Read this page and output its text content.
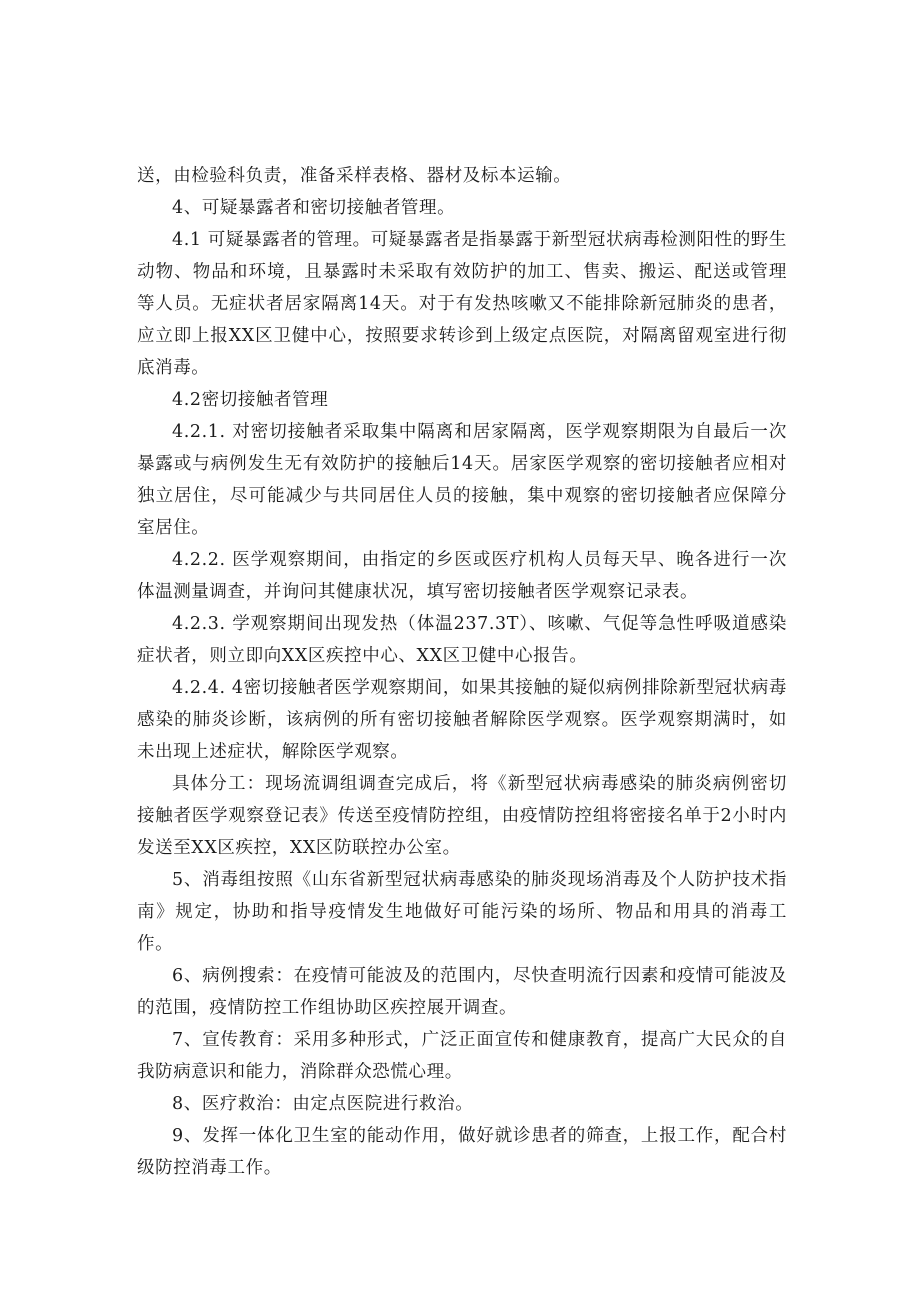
送，由检验科负责，准备采样表格、器材及标本运输。

4、可疑暴露者和密切接触者管理。

4.1 可疑暴露者的管理。可疑暴露者是指暴露于新型冠状病毒检测阳性的野生动物、物品和环境，且暴露时未采取有效防护的加工、售卖、搬运、配送或管理等人员。无症状者居家隔离14天。对于有发热咳嗽又不能排除新冠肺炎的患者，应立即上报XX区卫健中心，按照要求转诊到上级定点医院，对隔离留观室进行彻底消毒。

4.2密切接触者管理

4.2.1. 对密切接触者采取集中隔离和居家隔离，医学观察期限为自最后一次暴露或与病例发生无有效防护的接触后14天。居家医学观察的密切接触者应相对独立居住，尽可能减少与共同居住人员的接触，集中观察的密切接触者应保障分室居住。

4.2.2. 医学观察期间，由指定的乡医或医疗机构人员每天早、晚各进行一次体温测量调查，并询问其健康状况，填写密切接触者医学观察记录表。

4.2.3. 学观察期间出现发热（体温237.3T）、咳嗽、气促等急性呼吸道感染症状者，则立即向XX区疾控中心、XX区卫健中心报告。

4.2.4. 4密切接触者医学观察期间，如果其接触的疑似病例排除新型冠状病毒感染的肺炎诊断，该病例的所有密切接触者解除医学观察。医学观察期满时，如未出现上述症状，解除医学观察。

具体分工：现场流调组调查完成后，将《新型冠状病毒感染的肺炎病例密切接触者医学观察登记表》传送至疫情防控组，由疫情防控组将密接名单于2小时内发送至XX区疾控，XX区防联控办公室。

5、消毒组按照《山东省新型冠状病毒感染的肺炎现场消毒及个人防护技术指南》规定，协助和指导疫情发生地做好可能污染的场所、物品和用具的消毒工作。

6、病例搜索：在疫情可能波及的范围内，尽快查明流行因素和疫情可能波及的范围，疫情防控工作组协助区疾控展开调查。

7、宣传教育：采用多种形式，广泛正面宣传和健康教育，提高广大民众的自我防病意识和能力，消除群众恐慌心理。

8、医疗救治：由定点医院进行救治。

9、发挥一体化卫生室的能动作用，做好就诊患者的筛查，上报工作，配合村级防控消毒工作。
